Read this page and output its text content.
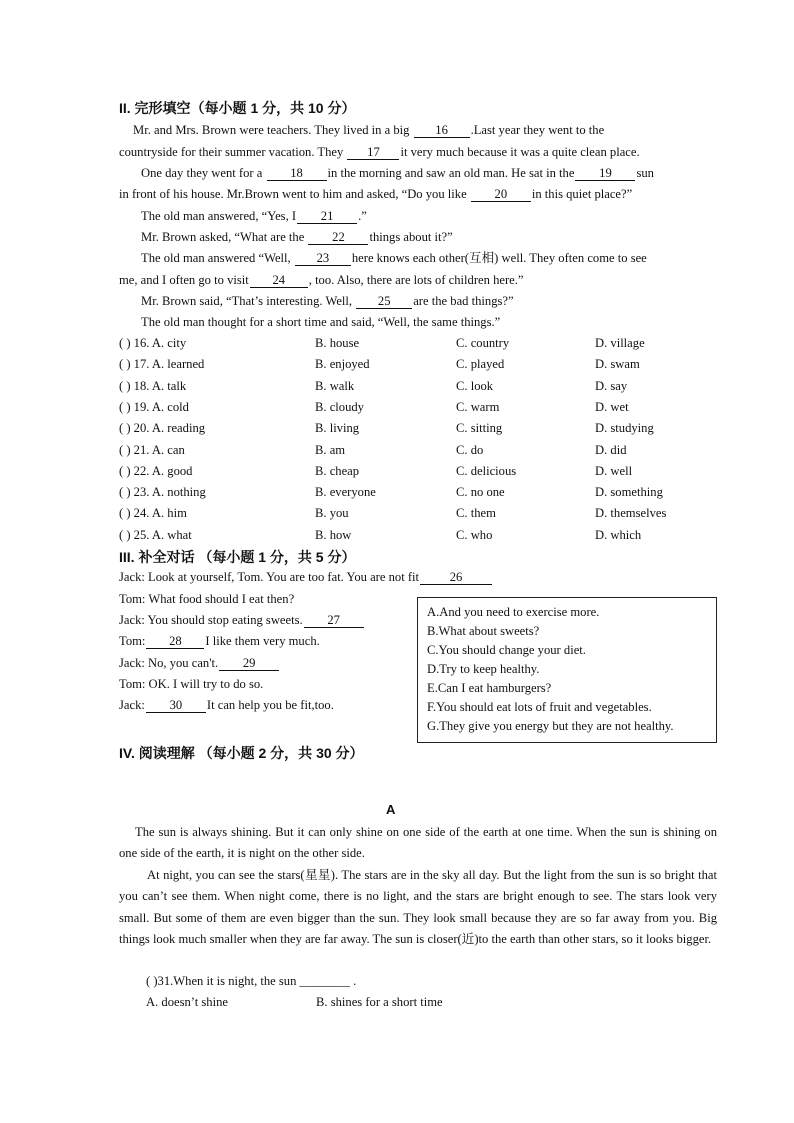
II. 完形填空（每小题 1 分，共 10 分）
Mr. and Mrs. Brown were teachers. They lived in a big 16 .Last year they went to the
countryside for their summer vacation. They 17 it very much because it was a quite clean place.
One day they went for a 18 in the morning and saw an old man. He sat in the 19 sun
in front of his house. Mr.Brown went to him and asked, “Do you like 20 in this quiet place?”
The old man answered, “Yes, I 21 .”
Mr. Brown asked, “What are the 22 things about it?”
The old man answered “Well, 23 here knows each other(互相) well. They often come to see
me, and I often go to visit 24 , too. Also, there are lots of children here.”
Mr. Brown said, “That’s interesting. Well, 25 are the bad things?”
The old man thought for a short time and said, “Well, the same things.”
( ) 16. A. city	B. house	C. country	D. village
( ) 17. A. learned	B. enjoyed	C. played	D. swam
( ) 18. A. talk	B. walk	C. look	D. say
( ) 19. A. cold	B. cloudy	C. warm	D. wet
( ) 20. A. reading	B. living	C. sitting	D. studying
( ) 21. A. can	B. am	C. do	D. did
( ) 22. A. good	B. cheap	C. delicious	D. well
( ) 23. A. nothing	B. everyone	C. no one	D. something
( ) 24. A. him	B. you	C. them	D. themselves
( ) 25. A. what	B. how	C. who	D. which
III. 补全对话 （每小题 1 分，共 5 分）
Jack: Look at yourself, Tom. You are too fat. You are not fit 26
Tom: What food should I eat then?
Jack: You should stop eating sweets. 27
Tom: 28 I like them very much.
Jack: No, you can't. 29
Tom: OK. I will try to do so.
Jack: 30 It can help you be fit,too.
A.And you need to exercise more.
B.What about sweets?
C.You should change your diet.
D.Try to keep healthy.
E.Can I eat hamburgers?
F.You should eat lots of fruit and vegetables.
G.They give you energy but they are not healthy.
IV. 阅读理解 （每小题 2 分，共 30 分）
A
The sun is always shining. But it can only shine on one side of the earth at one time. When the sun is shining on one side of the earth, it is night on the other side.
At night, you can see the stars(星星). The stars are in the sky all day. But the light from the sun is so bright that you can’t see them. When night come, there is no light, and the stars are bright enough to see. The stars look very small. But some of them are even bigger than the sun. They look small because they are so far away from you. Big things look much smaller when they are far away. The sun is closer(近)to the earth than other stars, so it looks bigger.
( )31.When it is night, the sun ________ .
A. doesn’t shine	B. shines for a short time
